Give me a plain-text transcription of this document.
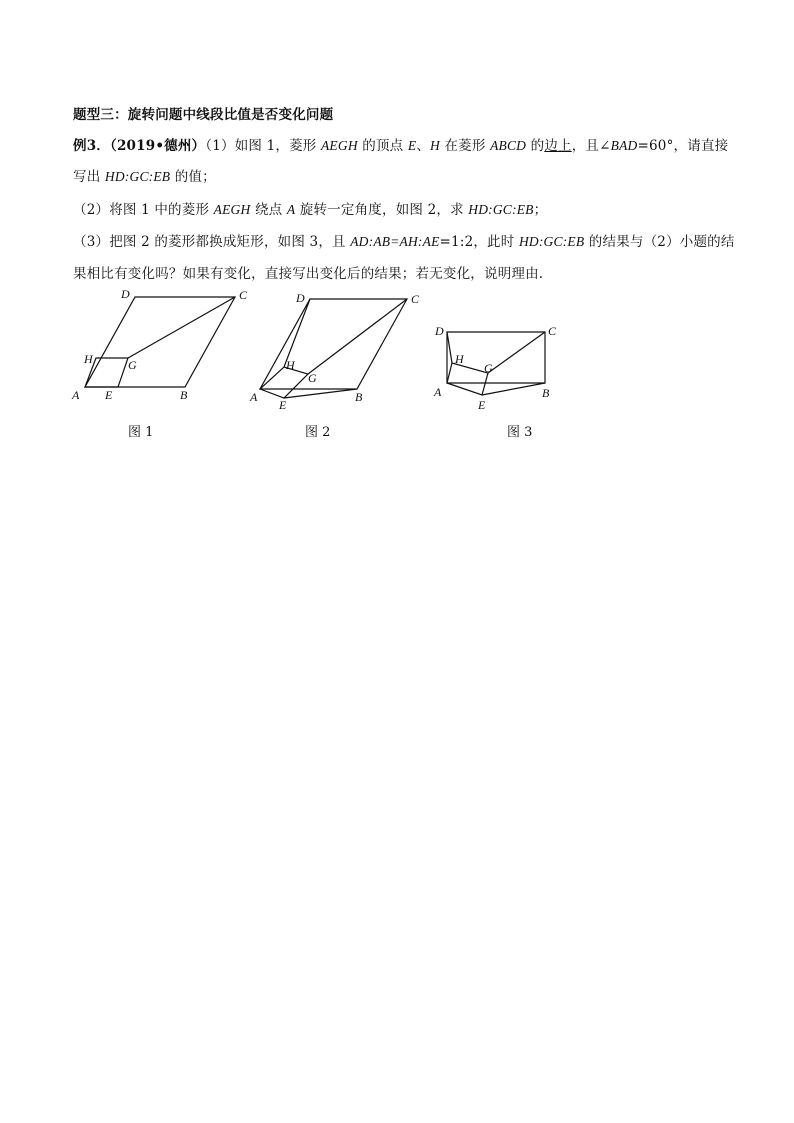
题型三：旋转问题中线段比值是否变化问题
例3．（2019•德州）（1）如图 1，菱形 AEGH 的顶点 E、H 在菱形 ABCD 的边上，且∠BAD=60°，请直接
写出 HD:GC:EB 的值；
（2）将图 1 中的菱形 AEGH 绕点 A 旋转一定角度，如图 2，求 HD:GC:EB；
（3）把图 2 的菱形都换成矩形，如图 3，且 AD:AB=AH:AE=1:2，此时 HD:GC:EB 的结果与（2）小题的结
果相比有变化吗？如果有变化，直接写出变化后的结果；若无变化，说明理由.
D	C
H	G
A E	B
图 1
D	C
H
G
A
E
B
图 2
D	C
H
G
A
E
B
图 3
